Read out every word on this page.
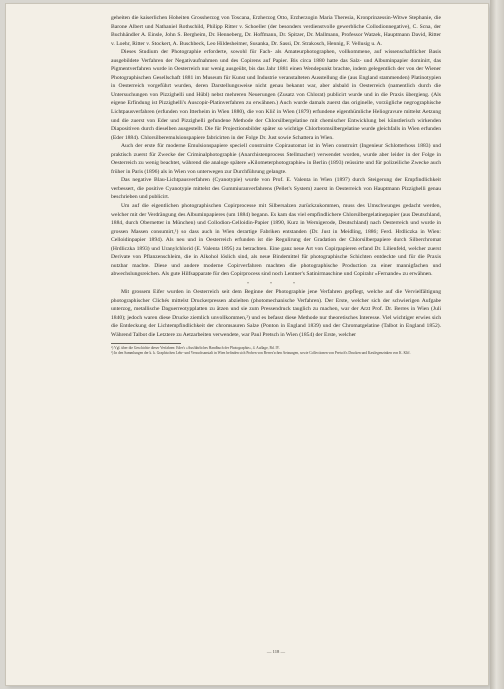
geheiten die kaiserlichen Hoheiten Grossherzog von Toscana, Erzherzog Otto, Erzherzogin Maria Theresia, Kronprinzessin-Witwe Stephanie, die Barone Albert und Nathaniel Rothschild, Philipp Ritter v. Schoeller (der besonders verdienstvolle gewerbliche Collodionnegative), C. Scna, der Buchhändler A. Einsle, John S. Bergheim, Dr. Henneberg, Dr. Hoffmann, Dr. Spitzer, Dr. Mallmann, Professor Watzek, Hauptmann David, Ritter v. Loehr, Ritter v. Stockert, A. Buschbeck, Leo Hildesheimer, Susanka, Dr. Sassi, Dr. Strakosch, Hennig, F. Vellusig u. A.

Dieses Studium der Photographie erforderte, sowohl für Fach- als Amateurphotographen, vollkommene, auf wissenschaftlicher Basis ausgebildete Verfahren der Negativaufnahmen und des Copirens auf Papier. Bis circa 1880 hatte das Salz- und Albuminpapier dominirt, das Pigmentverfahren wurde in Oesterreich nur wenig ausgeübt, bis das Jahr 1881 einen Wendepunkt brachte, indem gelegentlich der von der Wiener Photographischen Gesellschaft 1881 im Museum für Kunst und Industrie veranstalteten Ausstellung die (aus England stammenden) Platinotypien in Oesterreich vorgeführt wurden, deren Darstellungsweise nicht genau bekannt war, aber alsbald in Oesterreich (namentlich durch die Untersuchungen von Pizzighelli und Hübl) nebst mehreren Neuerungen (Zusatz von Chlorat) publicirt wurde und in die Praxis übergieng. (Als eigene Erfindung ist Pizzighelli's Auscopir-Platinverfahren zu erwähnen.) Auch wurde damals zuerst das originelle, vorzügliche negrographische Lichtpausverfahren (erfunden von Itterheim in Wien 1880), die von Klič in Wien (1879) erfundene eigenthümliche Heliogravure mittelst Aetzung und die zuerst von Eder und Pizzighelli gefundene Methode der Chlorsilbergelatine mit chemischer Entwicklung bei künstlerisch wirkenden Diapositiven durch dieselben ausgestellt. Die für Projectionsbilder später so wichtige Chlorbromsilbergelatine wurde gleichfalls in Wien erfunden (Eder 1884). Chlorsilberemulsionspapiere fabricirten in der Folge Dr. Just sowie Schattera in Wien.

Auch der erste für moderne Emulsionspapiere speciell construirte Copirautomat ist in Wien construirt (Ingenieur Schlotterhoss 1883) und praktisch zuerst für Zwecke der Criminalphotographie (Anarchistenprocess Stellmacher) verwendet worden, wurde aber leider in der Folge in Oesterreich zu wenig beachtet, während die analoge spätere »Kilometerphotographie« in Berlin (1893) reüssirte und für polizeiliche Zwecke auch früher in Paris (1896) als in Wien von unterwegen zur Durchführung gelangte.

Das negative Blau-Lichtpausverfahren (Cyanotypie) wurde von Prof. E. Valenta in Wien (1897) durch Steigerung der Empfindlichkeit verbessert, die positive Cyanotypie mittelst des Gummiuranverfahrens (Pellet's System) zuerst in Oesterreich von Hauptmann Pizzighelli genau beschrieben und publicirt.

Um auf die eigentlichen photographischen Copirprocesse mit Silbersalzen zurückzukommen, muss des Umschwunges gedacht werden, welcher mit der Verdrängung des Albuminpapieres (um 1884) begann. Es kam das viel empfindlichere Chlorsilbergelatinepapier (aus Deutschland, 1884, durch Obernetter in München) und Collodion-Celloidin-Papier (1890, Kurz in Wernigerode, Deutschland) nach Oesterreich und wurde in grossen Massen consumirt,¹) so dass auch in Wien derartige Fabriken entstanden (Dr. Just in Meidling, 1886; Ferd. Hrdliczka in Wien: Celloidinpapier 1894). Als neu und in Oesterreich erfunden ist die Regulirung der Gradation der Chlorsilberpapiere durch Silberchromat (Hrdliczka 1893) und Uranylchlorid (E. Valenta 1895) zu betrachten. Eine ganz neue Art von Copirpapieren erfand Dr. Lilienfeld, welcher zuerst Derivate von Pflanzenschleim, die in Alkohol löslich sind, als neue Bindemittel für photographische Schichten entdeckte und für die Praxis nutzbar machte. Diese und andere moderne Copirverfahren machten die photographische Production zu einer mannigfachen und abwechslungsreichen. Als gute Hilfsapparate für den Copirprocess sind noch Lentner's Satinirmaschine und Copirahr »Fernande« zu erwähnen.

* * *

Mit grossem Eifer wurden in Oesterreich seit dem Beginne der Photographie jene Verfahren gepflegt, welche auf die Vervielfältigung photographischer Clichés mittelst Druckerpressen abzielten (photomechanische Verfahren). Der Erste, welcher sich der schwierigen Aufgabe unterzog, metallische Daguerreotypplatten zu ätzen und sie zum Pressendruck tauglich zu machen, war der Arzt Prof. Dr. Berres in Wien (Juli 1840); jedoch waren diese Drucke ziemlich unvollkommen,²) und es befasst diese Methode nur theoretisches Interesse. Viel wichtiger erwies sich die Entdeckung der Lichtempfindlichkeit der chromsauren Salze (Ponton in England 1839) und der Chromatgelatine (Talbot in England 1852). Während Talbot die Letztere zu Aetzarbeiten verwendete, war Paul Pretsch in Wien (1854) der Erste, welcher

¹) Vgl. über die Geschichte dieser Verfahren: Eder's »Ausführliches Handbuch der Photographie«, 4. Auflage, Bd. IV.
²) In den Sammlungen der k. k. Graphischen Lehr- und Versuchsanstalt in Wien befinden sich Proben von Berres'schen Aetzungen, sowie Collectionen von Pretsch's Drucken und Kastlegenzinken von K. Klič.
— 118 —
